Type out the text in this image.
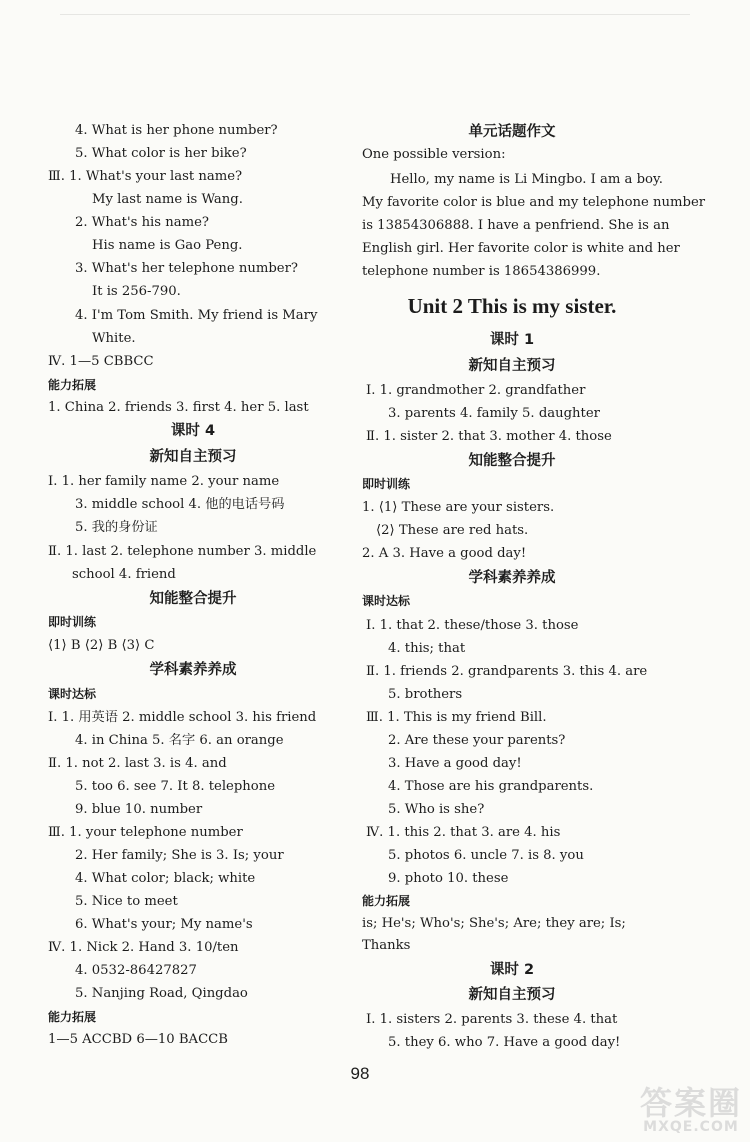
4. What is her phone number?
5. What color is her bike?
Ⅲ. 1. What's your last name?
My last name is Wang.
2. What's his name?
His name is Gao Peng.
3. What's her telephone number?
It is 256-790.
4. I'm Tom Smith. My friend is Mary
White.
Ⅳ. 1—5 CBBCC
能力拓展
1. China 2. friends 3. first 4. her 5. last
课时 4
新知自主预习
Ⅰ. 1. her family name 2. your name
3. middle school 4. 他的电话号码
5. 我的身份证
Ⅱ. 1. last 2. telephone number 3. middle
school 4. friend
知能整合提升
即时训练
⟨1⟩ B ⟨2⟩ B ⟨3⟩ C
学科素养养成
课时达标
Ⅰ. 1. 用英语 2. middle school 3. his friend
4. in China 5. 名字 6. an orange
Ⅱ. 1. not 2. last 3. is 4. and
5. too 6. see 7. It 8. telephone
9. blue 10. number
Ⅲ. 1. your telephone number
2. Her family; She is 3. Is; your
4. What color; black; white
5. Nice to meet
6. What's your; My name's
Ⅳ. 1. Nick 2. Hand 3. 10/ten
4. 0532-86427827
5. Nanjing Road, Qingdao
能力拓展
1—5 ACCBD 6—10 BACCB
单元话题作文
One possible version:
Hello, my name is Li Mingbo. I am a boy.
My favorite color is blue and my telephone number
is 13854306888. I have a penfriend. She is an
English girl. Her favorite color is white and her
telephone number is 18654386999.
课时 1
新知自主预习
Ⅰ. 1. grandmother 2. grandfather
3. parents 4. family 5. daughter
Ⅱ. 1. sister 2. that 3. mother 4. those
知能整合提升
即时训练
1. ⟨1⟩ These are your sisters.
⟨2⟩ These are red hats.
2. A 3. Have a good day!
学科素养养成
课时达标
Ⅰ. 1. that 2. these/those 3. those
4. this; that
Ⅱ. 1. friends 2. grandparents 3. this 4. are
5. brothers
Ⅲ. 1. This is my friend Bill.
2. Are these your parents?
3. Have a good day!
4. Those are his grandparents.
5. Who is she?
Ⅳ. 1. this 2. that 3. are 4. his
5. photos 6. uncle 7. is 8. you
9. photo 10. these
能力拓展
is; He's; Who's; She's; Are; they are; Is;
Thanks
课时 2
新知自主预习
Ⅰ. 1. sisters 2. parents 3. these 4. that
5. they 6. who 7. Have a good day!
Unit 2 This is my sister.
98
答案圈
MXQE.COM
